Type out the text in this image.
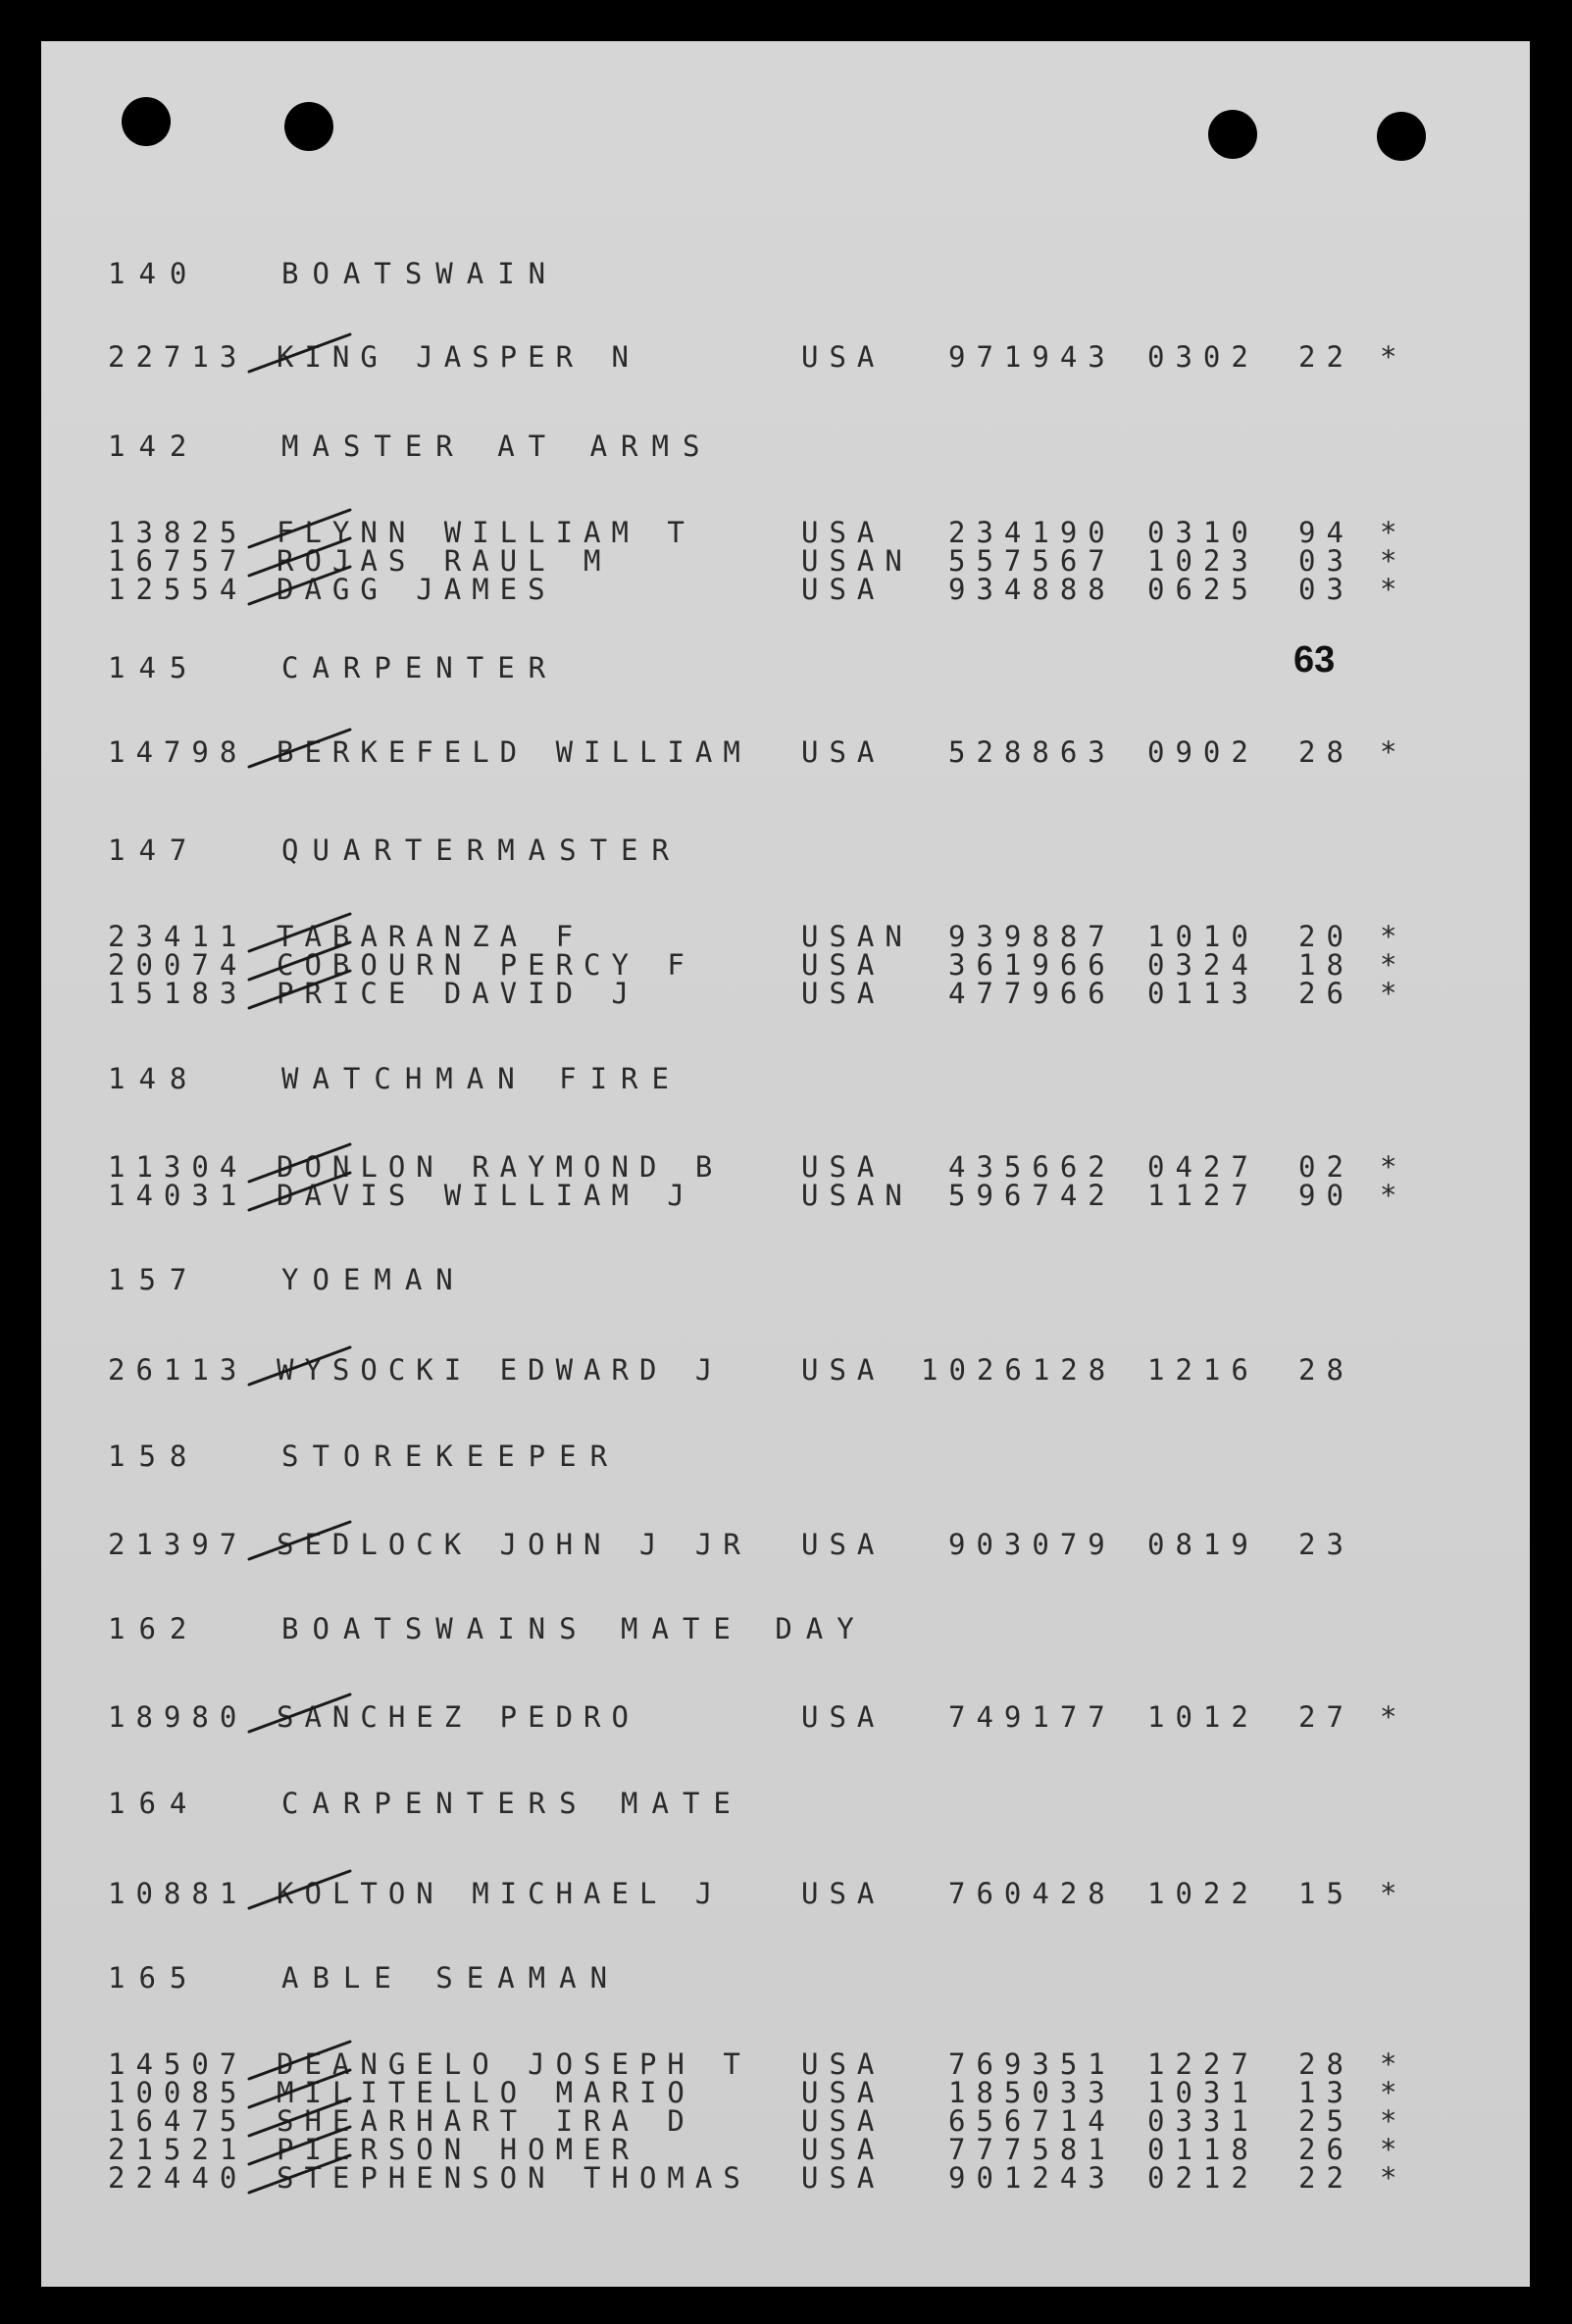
63
140	BOATSWAIN
22713 KING JASPER N	USA 971943 0302 22 *
142	MASTER AT ARMS
13825 FLYNN WILLIAM T	USA 234190 0310 94 *
16757 ROJAS RAUL M	USAN 557567 1023 03 *
12554 DAGG JAMES	USA 934888 0625 03 *
145	CARPENTER
14798 BERKEFELD WILLIAM USA 528863 0902 28 *
147	QUARTERMASTER
23411 TABARANZA F	USAN 939887 1010 20 *
20074 COBOURN PERCY F	USA 361966 0324 18 *
15183 PRICE DAVID J	USA 477966 0113 26 *
148	WATCHMAN FIRE
11304 DONLON RAYMOND B	USA 435662 0427 02 *
14031 DAVIS WILLIAM J	USAN 596742 1127 90 *
157	YOEMAN
26113 WYSOCKI EDWARD J	USA 1026128 1216 28
158	STOREKEEPER
21397 SEDLOCK JOHN J JR USA 903079 0819 23
162	BOATSWAINS MATE DAY
18980 SANCHEZ PEDRO	USA 749177 1012 27 *
164	CARPENTERS MATE
10881 KOLTON MICHAEL J	USA 760428 1022 15 *
165	ABLE SEAMAN
14507 DEANGELO JOSEPH T USA 769351 1227 28 *
10085 MILITELLO MARIO	USA 185033 1031 13 *
16475 SHEARHART IRA D	USA 656714 0331 25 *
21521 PIERSON HOMER	USA 777581 0118 26 *
22440 STEPHENSON THOMAS USA 901243 0212 22 *
